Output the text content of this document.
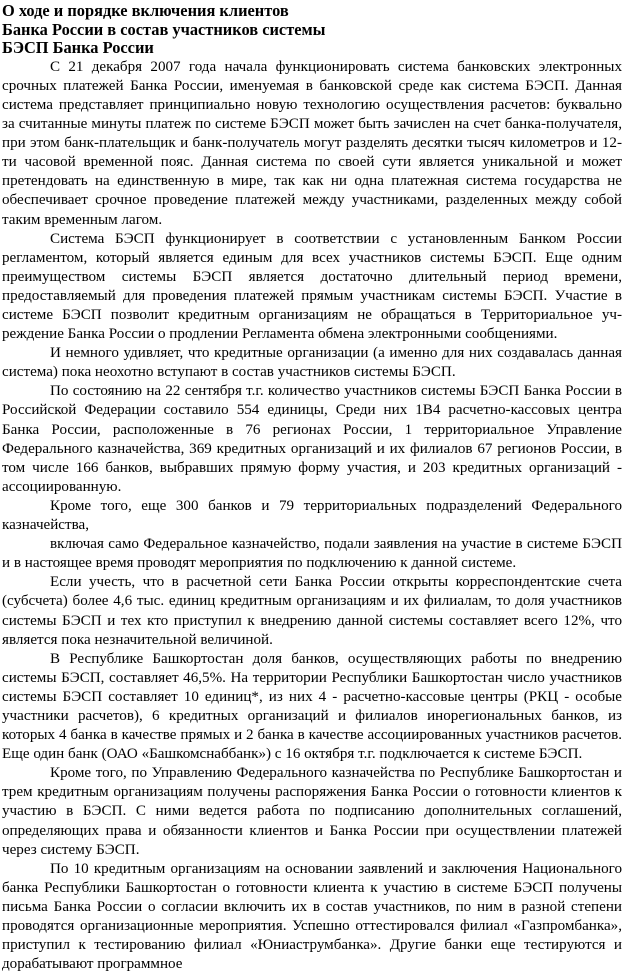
О ходе и порядке включения клиентов

Банка России в состав участников системы

БЭСП Банка России

С 21 декабря 2007 года начала функционировать система банковских электронных срочных платежей Банка России, именуемая в банковской среде как система БЭСП. Данная система представляет принципиально новую технологию осуществления расчетов: буквально за считанные минуты платеж по системе БЭСП может быть зачислен на счет банка-получателя, при этом банк-плательщик и банк-получатель могут разделять десятки тысяч километров и 12-ти часовой временной пояс. Данная система по своей сути является уникальной и может претендовать на единственную в мире, так как ни одна платежная система государства не обеспечивает срочное проведение платежей между участниками, разделенных между собой таким временным лагом.

Система БЭСП функционирует в соответствии с установленным Банком России регламентом, который является единым для всех участников системы БЭСП. Еще одним преимуществом системы БЭСП является достаточно длительный период времени, предоставляемый для проведения платежей прямым участникам системы БЭСП. Участие в системе БЭСП позволит кредитным организациям не обращаться в Территориальное учреждение Банка России о продлении Регламента обмена электронными сообщениями.

И немного удивляет, что кредитные организации (а именно для них создавалась данная система) пока неохотно вступают в состав участников системы БЭСП.

По состоянию на 22 сентября т.г. количество участников системы БЭСП Банка России в Российской Федерации составило 554 единицы, Среди них 1В4 расчетно-кассовых центра Банка России, расположенные в 76 регионах России, 1 территориальное Управление Федерального казначейства, 369 кредитных организаций и их филиалов 67 регионов России, в том числе 166 банков, выбравших прямую форму участия, и 203 кредитных организаций - ассоциированную.

Кроме того, еще 300 банков и 79 территориальных подразделений Федерального казначейства,

включая само Федеральное казначейство, подали заявления на участие в системе БЭСП и в настоящее время проводят мероприятия по подключению к данной системе.

Если учесть, что в расчетной сети Банка России открыты корреспондентские счета (субсчета) более 4,6 тыс. единиц кредитным организациям и их филиалам, то доля участников системы БЭСП и тех кто приступил к внедрению данной системы составляет всего 12%, что является пока незначительной величиной.

В Республике Башкортостан доля банков, осуществляющих работы по внедрению системы БЭСП, составляет 46,5%. На территории Республики Башкортостан число участников системы БЭСП составляет 10 единиц*, из них 4 - расчетно-кассовые центры (РКЦ - особые участники расчетов), 6 кредитных организаций и филиалов инорегиональных банков, из которых 4 банка в качестве прямых и 2 банка в качестве ассоциированных участников расчетов. Еще один банк (ОАО «Башкомснаббанк») с 16 октября т.г. подключается к системе БЭСП.

Кроме того, по Управлению Федерального казначейства по Республике Башкортостан и трем кредитным организациям получены распоряжения Банка России о готовности клиентов к участию в БЭСП. С ними ведется работа по подписанию дополнительных соглашений, определяющих права и обязанности клиентов и Банка России при осуществлении платежей через систему БЭСП.

По 10 кредитным организациям на основании заявлений и заключения Национального банка Республики Башкортостан о готовности клиента к участию в системе БЭСП получены письма Банка России о согласии включить их в состав участников, по ним в разной степени проводятся организационные мероприятия. Успешно оттестировался филиал «Газпромбанка», приступил к тестированию филиал «Юниаструмбанка». Другие банки еще тестируются и дорабатывают программное
